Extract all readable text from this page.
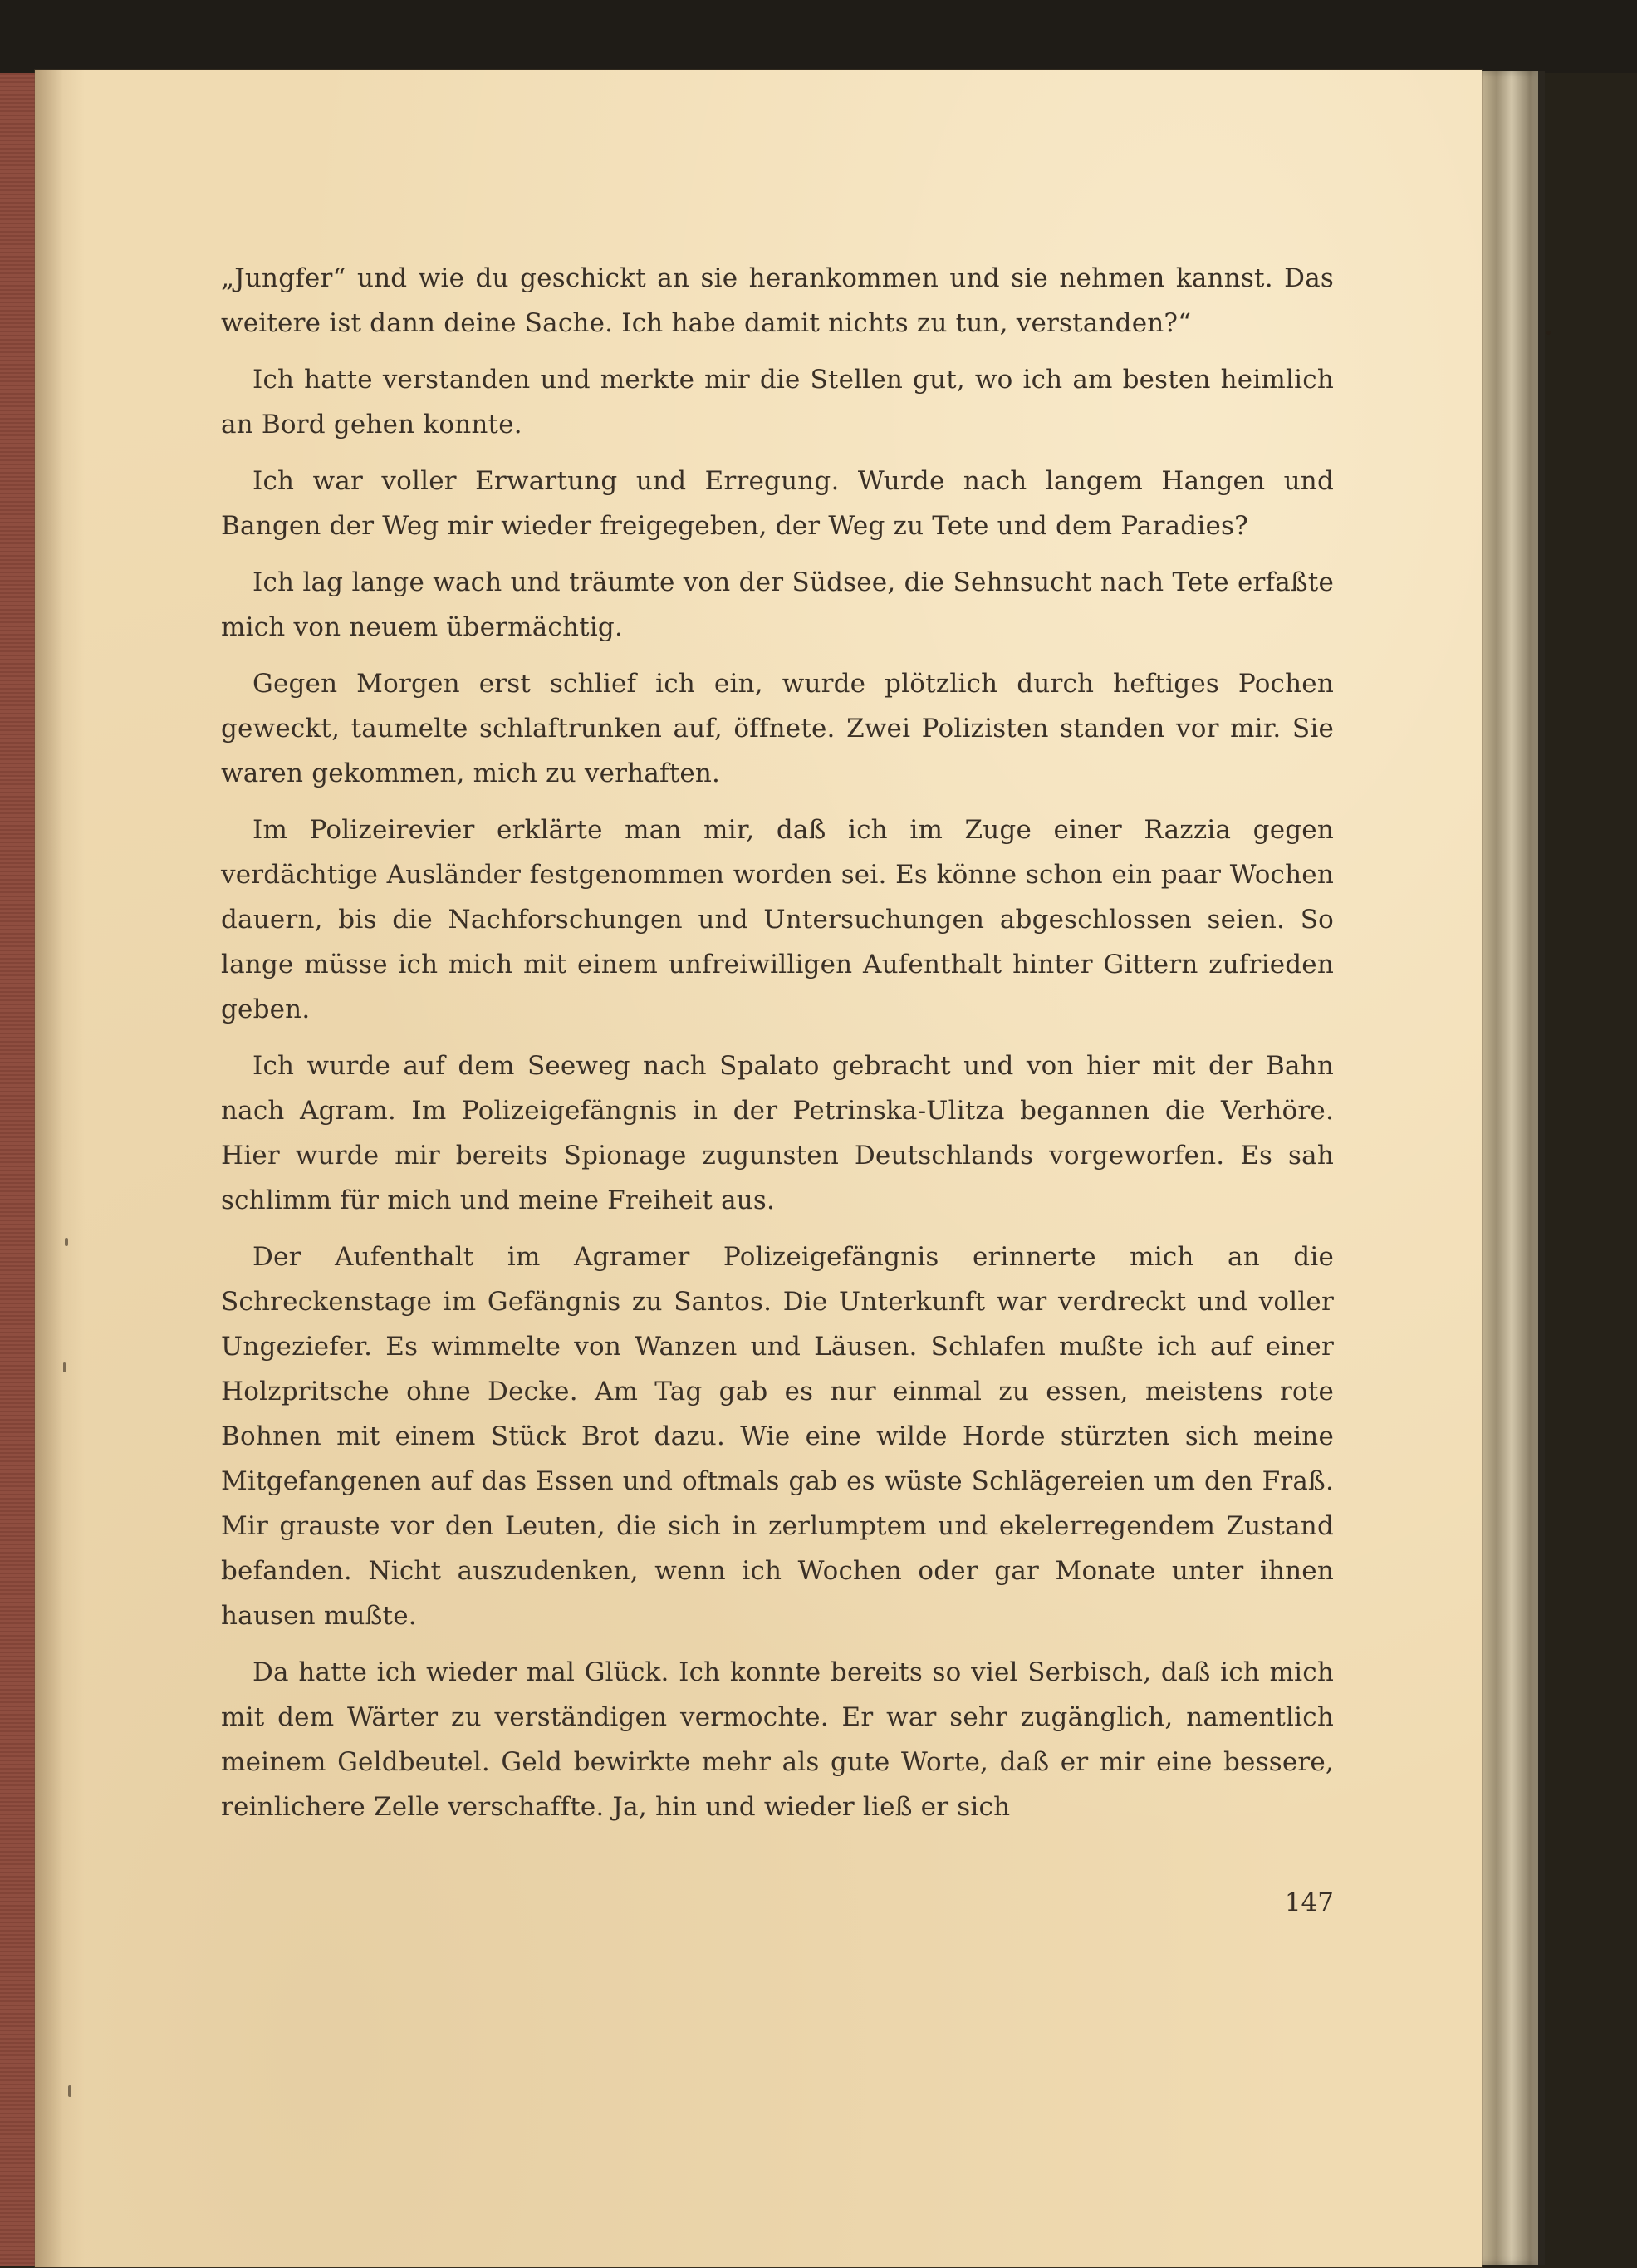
„Jungfer“ und wie du geschickt an sie herankommen und sie nehmen kannst. Das weitere ist dann deine Sache. Ich habe damit nichts zu tun, verstanden?“

Ich hatte verstanden und merkte mir die Stellen gut, wo ich am besten heimlich an Bord gehen konnte.

Ich war voller Erwartung und Erregung. Wurde nach langem Hangen und Bangen der Weg mir wieder freigegeben, der Weg zu Tete und dem Paradies?

Ich lag lange wach und träumte von der Südsee, die Sehnsucht nach Tete erfaßte mich von neuem übermächtig.

Gegen Morgen erst schlief ich ein, wurde plötzlich durch heftiges Pochen geweckt, taumelte schlaftrunken auf, öffnete. Zwei Polizisten standen vor mir. Sie waren gekommen, mich zu verhaften.

Im Polizeirevier erklärte man mir, daß ich im Zuge einer Razzia gegen verdächtige Ausländer festgenommen worden sei. Es könne schon ein paar Wochen dauern, bis die Nachforschungen und Untersuchungen abgeschlossen seien. So lange müsse ich mich mit einem unfreiwilligen Aufenthalt hinter Gittern zufrieden geben.

Ich wurde auf dem Seeweg nach Spalato gebracht und von hier mit der Bahn nach Agram. Im Polizeigefängnis in der Petrinska-Ulitza begannen die Verhöre. Hier wurde mir bereits Spionage zugunsten Deutschlands vorgeworfen. Es sah schlimm für mich und meine Freiheit aus.

Der Aufenthalt im Agramer Polizeigefängnis erinnerte mich an die Schreckenstage im Gefängnis zu Santos. Die Unterkunft war verdreckt und voller Ungeziefer. Es wimmelte von Wanzen und Läusen. Schlafen mußte ich auf einer Holzpritsche ohne Decke. Am Tag gab es nur einmal zu essen, meistens rote Bohnen mit einem Stück Brot dazu. Wie eine wilde Horde stürzten sich meine Mitgefangenen auf das Essen und oftmals gab es wüste Schlägereien um den Fraß. Mir grauste vor den Leuten, die sich in zerlumptem und ekelerregendem Zustand befanden. Nicht auszudenken, wenn ich Wochen oder gar Monate unter ihnen hausen mußte.

Da hatte ich wieder mal Glück. Ich konnte bereits so viel Serbisch, daß ich mich mit dem Wärter zu verständigen vermochte. Er war sehr zugänglich, namentlich meinem Geldbeutel. Geld bewirkte mehr als gute Worte, daß er mir eine bessere, reinlichere Zelle verschaffte. Ja, hin und wieder ließ er sich

147
